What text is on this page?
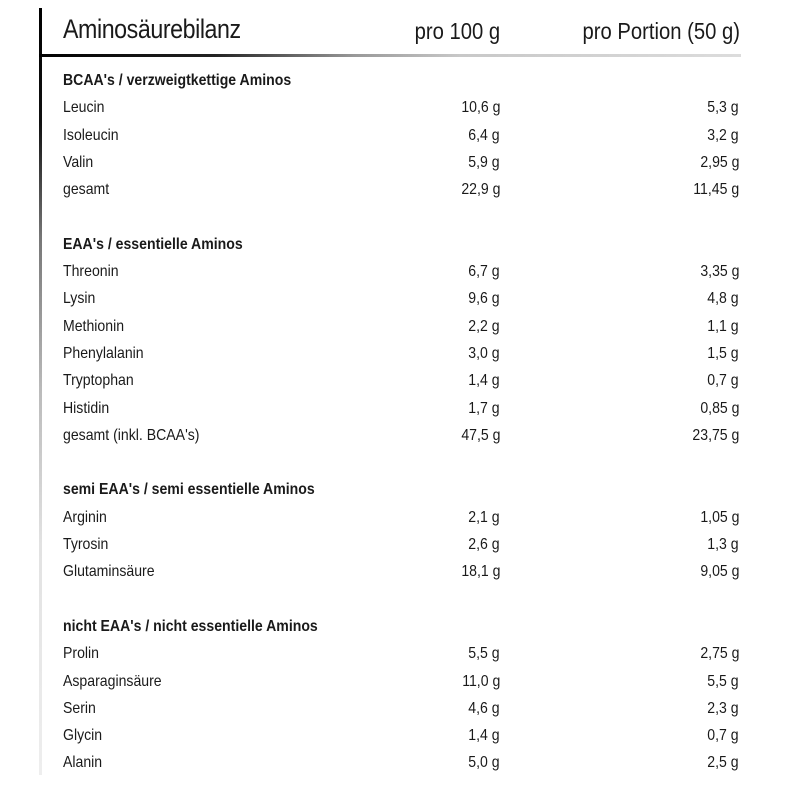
Aminosäurebilanz	pro 100 g	pro Portion (50 g)
BCAA's / verzweigtkettige Aminos
Leucin	10,6 g	5,3 g
Isoleucin	6,4 g	3,2 g
Valin	5,9 g	2,95 g
gesamt	22,9 g	11,45 g
EAA's / essentielle Aminos
Threonin	6,7 g	3,35 g
Lysin	9,6 g	4,8 g
Methionin	2,2 g	1,1 g
Phenylalanin	3,0 g	1,5 g
Tryptophan	1,4 g	0,7 g
Histidin	1,7 g	0,85 g
gesamt (inkl. BCAA's)	47,5 g	23,75 g
semi EAA's / semi essentielle Aminos
Arginin	2,1 g	1,05 g
Tyrosin	2,6 g	1,3 g
Glutaminsäure	18,1 g	9,05 g
nicht EAA's / nicht essentielle Aminos
Prolin	5,5 g	2,75 g
Asparaginsäure	11,0 g	5,5 g
Serin	4,6 g	2,3 g
Glycin	1,4 g	0,7 g
Alanin	5,0 g	2,5 g
